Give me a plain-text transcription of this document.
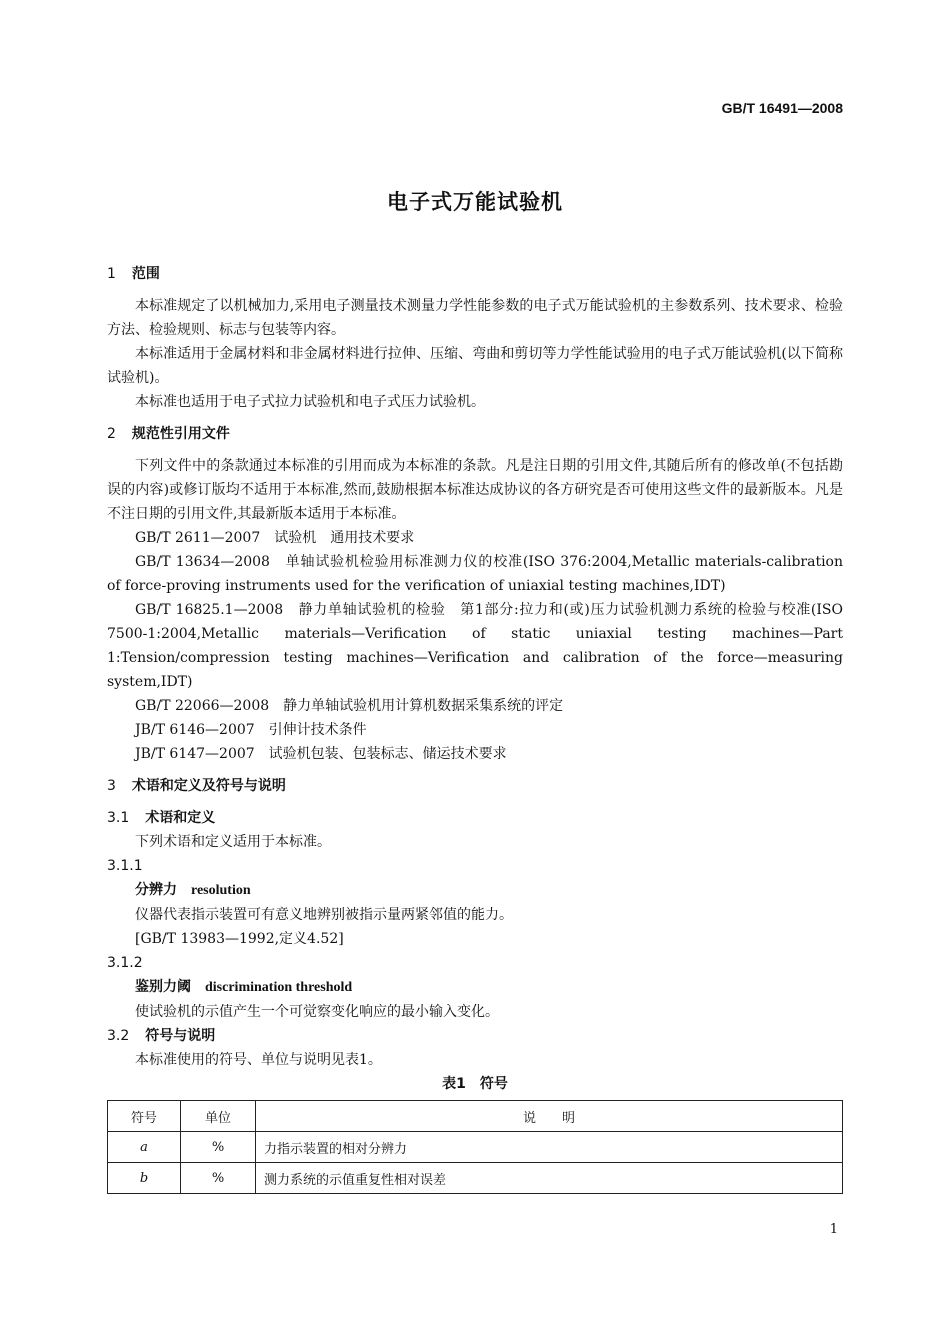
GB/T 16491—2008
电子式万能试验机

1 范围

本标准规定了以机械加力,采用电子测量技术测量力学性能参数的电子式万能试验机的主参数系列、技术要求、检验方法、检验规则、标志与包装等内容。

本标准适用于金属材料和非金属材料进行拉伸、压缩、弯曲和剪切等力学性能试验用的电子式万能试验机(以下简称试验机)。

本标准也适用于电子式拉力试验机和电子式压力试验机。

2 规范性引用文件

下列文件中的条款通过本标准的引用而成为本标准的条款。凡是注日期的引用文件,其随后所有的修改单(不包括勘误的内容)或修订版均不适用于本标准,然而,鼓励根据本标准达成协议的各方研究是否可使用这些文件的最新版本。凡是不注日期的引用文件,其最新版本适用于本标准。

GB/T 2611—2007　试验机　通用技术要求

GB/T 13634—2008　单轴试验机检验用标准测力仪的校准(ISO 376:2004,Metallic materials-calibration of force-proving instruments used for the verification of uniaxial testing machines,IDT)

GB/T 16825.1—2008　静力单轴试验机的检验　第1部分:拉力和(或)压力试验机测力系统的检验与校准(ISO 7500-1:2004,Metallic materials—Verification of static uniaxial testing machines—Part 1:Tension/compression testing machines—Verification and calibration of the force—measuring system,IDT)

GB/T 22066—2008　静力单轴试验机用计算机数据采集系统的评定

JB/T 6146—2007　引伸计技术条件

JB/T 6147—2007　试验机包装、包装标志、储运技术要求

3 术语和定义及符号与说明

3.1 术语和定义

下列术语和定义适用于本标准。

3.1.1

分辨力 resolution

仪器代表指示装置可有意义地辨别被指示量两紧邻值的能力。

[GB/T 13983—1992,定义4.52]

3.1.2

鉴别力阈 discrimination threshold

使试验机的示值产生一个可觉察变化响应的最小输入变化。

3.2 符号与说明

本标准使用的符号、单位与说明见表1。

表1　符号
符号	单位	说　　明
a	%	力指示装置的相对分辨力
b	%	测力系统的示值重复性相对误差
1
